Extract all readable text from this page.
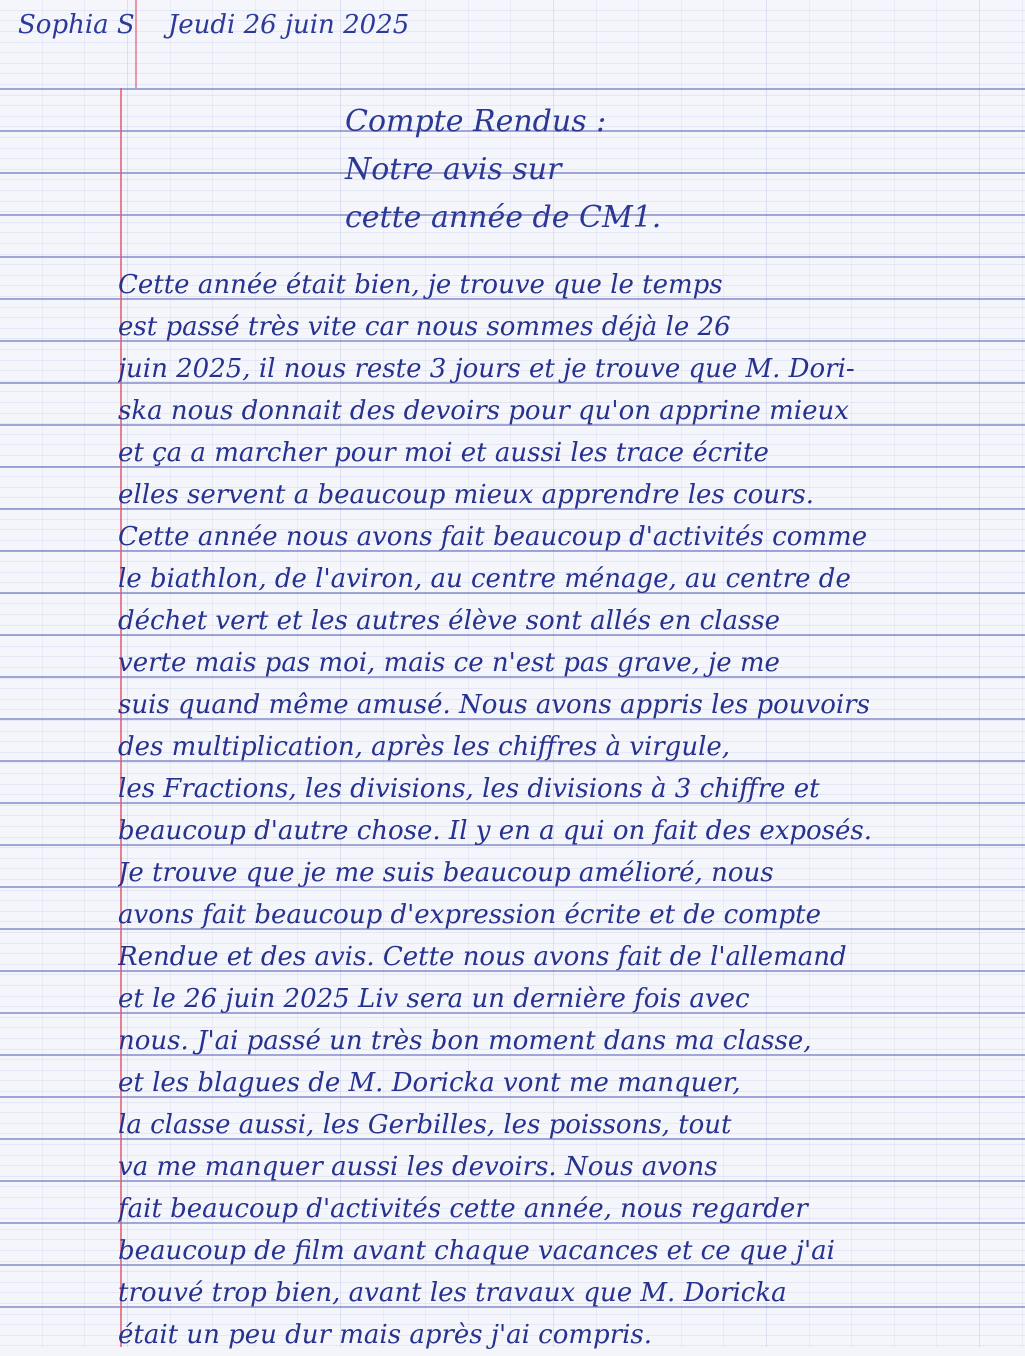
Sophia S Jeudi 26 juin 2025
Compte Rendus :
Notre avis sur
cette année de CM1.
Cette année était bien, je trouve que le temps
est passé très vite car nous sommes déjà le 26
juin 2025, il nous reste 3 jours et je trouve que M. Dori-
ska nous donnait des devoirs pour qu'on apprine mieux
et ça a marcher pour moi et aussi les trace écrite
elles servent a beaucoup mieux apprendre les cours.
Cette année nous avons fait beaucoup d'activités comme
le biathlon, de l'aviron, au centre ménage, au centre de
déchet vert et les autres élève sont allés en classe
verte mais pas moi, mais ce n'est pas grave, je me
suis quand même amusé. Nous avons appris les pouvoirs
des multiplication, après les chiffres à virgule,
les Fractions, les divisions, les divisions à 3 chiffre et
beaucoup d'autre chose. Il y en a qui on fait des exposés.
Je trouve que je me suis beaucoup amélioré, nous
avons fait beaucoup d'expression écrite et de compte
Rendue et des avis. Cette nous avons fait de l'allemand
et le 26 juin 2025 Liv sera un dernière fois avec
nous. J'ai passé un très bon moment dans ma classe,
et les blagues de M. Doricka vont me manquer,
la classe aussi, les Gerbilles, les poissons, tout
va me manquer aussi les devoirs. Nous avons
fait beaucoup d'activités cette année, nous regarder
beaucoup de film avant chaque vacances et ce que j'ai
trouvé trop bien, avant les travaux que M. Doricka
était un peu dur mais après j'ai compris.
